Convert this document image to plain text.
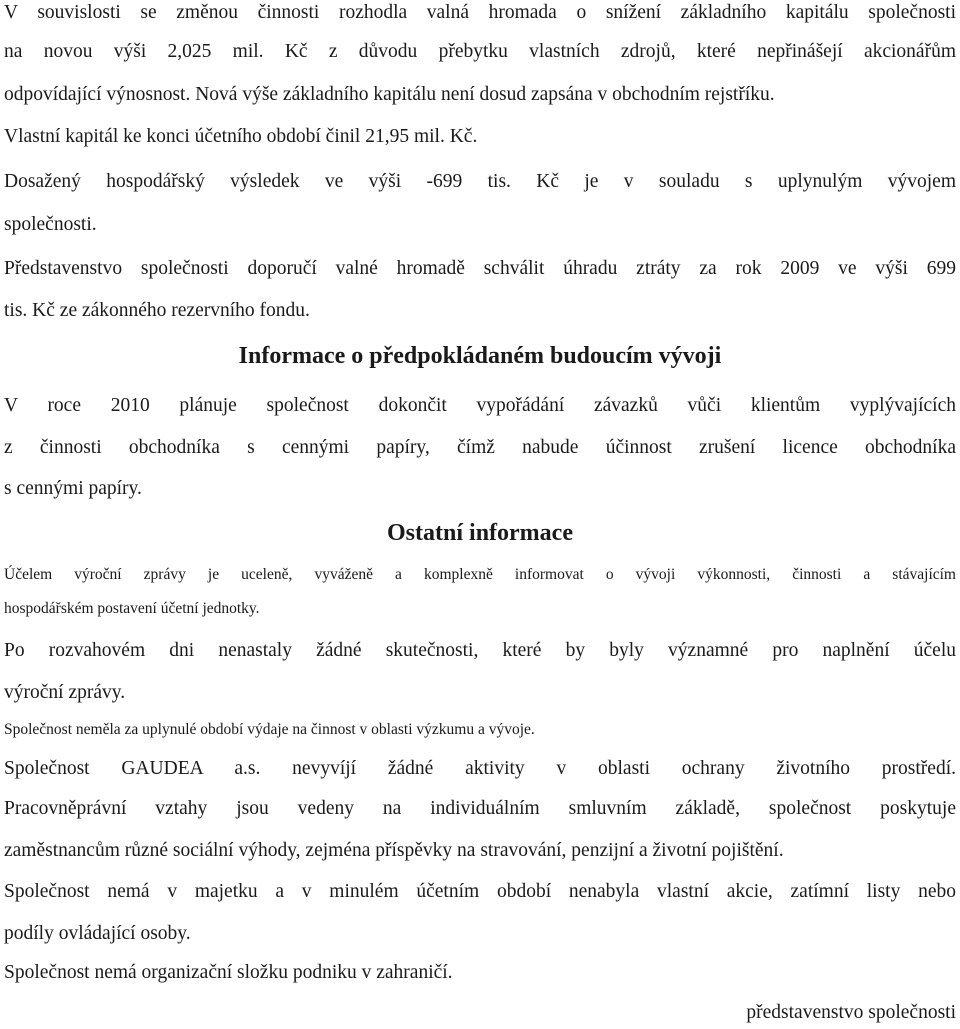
V souvislosti se změnou činnosti rozhodla valná hromada o snížení základního kapitálu společnosti
na novou výši 2,025 mil. Kč z důvodu přebytku vlastních zdrojů, které nepřinášejí akcionářům
odpovídající výnosnost. Nová výše základního kapitálu není dosud zapsána v obchodním rejstříku.
Vlastní kapitál ke konci účetního období činil 21,95 mil. Kč.
Dosažený hospodářský výsledek ve výši -699 tis. Kč je v souladu s uplynulým vývojem
společnosti.
Představenstvo společnosti doporučí valné hromadě schválit úhradu ztráty za rok 2009 ve výši 699
tis. Kč ze zákonného rezervního fondu.
Informace o předpokládaném budoucím vývoji
V roce 2010 plánuje společnost dokončit vypořádání závazků vůči klientům vyplývajících
z činnosti obchodníka s cennými papíry, čímž nabude účinnost zrušení licence obchodníka
s cennými papíry.
Ostatní informace
Účelem výroční zprávy je uceleně, vyváženě a komplexně informovat o vývoji výkonnosti, činnosti a stávajícím
hospodářském postavení účetní jednotky.
Po rozvahovém dni nenastaly žádné skutečnosti, které by byly významné pro naplnění účelu
výroční zprávy.
Společnost neměla za uplynulé období výdaje na činnost v oblasti výzkumu a vývoje.
Společnost GAUDEA a.s. nevyvíjí žádné aktivity v oblasti ochrany životního prostředí.
Pracovněprávní vztahy jsou vedeny na individuálním smluvním základě, společnost poskytuje
zaměstnancům různé sociální výhody, zejména příspěvky na stravování, penzijní a životní pojištění.
Společnost nemá v majetku a v minulém účetním období nenabyla vlastní akcie, zatímní listy nebo
podíly ovládající osoby.
Společnost nemá organizační složku podniku v zahraničí.
představenstvo společnosti
